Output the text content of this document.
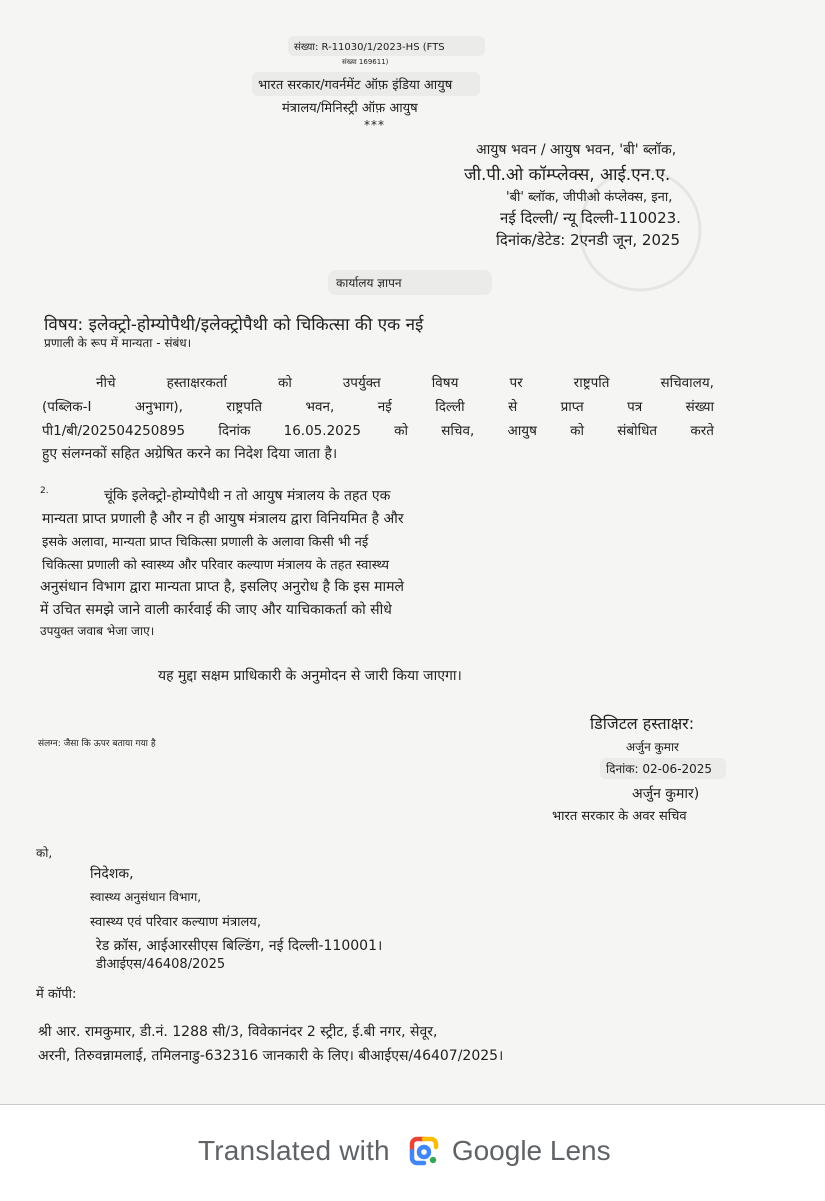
संख्या: R-11030/1/2023-HS (FTS
संख्या 169611)
भारत सरकार/गवर्नमेंट ऑफ़ इंडिया आयुष
मंत्रालय/मिनिस्ट्री ऑफ़ आयुष
***
आयुष भवन / आयुष भवन, 'बी' ब्लॉक,
जी.पी.ओ कॉम्प्लेक्स, आई.एन.ए.
'बी' ब्लॉक, जीपीओ कंप्लेक्स, इना,
नई दिल्ली/ न्यू दिल्ली-110023.
दिनांक/डेटेड: 2एनडी जून, 2025
कार्यालय ज्ञापन
विषय: इलेक्ट्रो-होम्योपैथी/इलेक्ट्रोपैथी को चिकित्सा की एक नई
प्रणाली के रूप में मान्यता - संबंध।
नीचे	हस्ताक्षरकर्ता	को	उपर्युक्त	विषय	पर	राष्ट्रपति	सचिवालय,
(पब्लिक-I	अनुभाग),	राष्ट्रपति	भवन,	नई	दिल्ली	से	प्राप्त	पत्र	संख्या
पी1/बी/202504250895 दिनांक 16.05.2025 को सचिव, आयुष को संबोधित करते
हुए संलग्नकों सहित अग्रेषित करने का निदेश दिया जाता है।
2.	चूंकि इलेक्ट्रो-होम्योपैथी न तो आयुष मंत्रालय के तहत एक
मान्यता प्राप्त प्रणाली है और न ही आयुष मंत्रालय द्वारा विनियमित है और
इसके अलावा, मान्यता प्राप्त चिकित्सा प्रणाली के अलावा किसी भी नई
चिकित्सा प्रणाली को स्वास्थ्य और परिवार कल्याण मंत्रालय के तहत स्वास्थ्य
अनुसंधान विभाग द्वारा मान्यता प्राप्त है, इसलिए अनुरोध है कि इस मामले
में उचित समझे जाने वाली कार्रवाई की जाए और याचिकाकर्ता को सीधे
उपयुक्त जवाब भेजा जाए।
यह मुद्दा सक्षम प्राधिकारी के अनुमोदन से जारी किया जाएगा।
डिजिटल हस्ताक्षर:
संलग्न: जैसा कि ऊपर बताया गया है	अर्जुन कुमार
दिनांक: 02-06-2025
अर्जुन कुमार)
भारत सरकार के अवर सचिव
को,
निदेशक,
स्वास्थ्य अनुसंधान विभाग,
स्वास्थ्य एवं परिवार कल्याण मंत्रालय,
रेड क्रॉस, आईआरसीएस बिल्डिंग, नई दिल्ली-110001।
डीआईएस/46408/2025
में कॉपी:
श्री आर. रामकुमार, डी.नं. 1288 सी/3, विवेकानंदर 2 स्ट्रीट, ई.बी नगर, सेवूर,
अरनी, तिरुवन्नामलाई, तमिलनाडु-632316 जानकारी के लिए। बीआईएस/46407/2025।
Translated with Google Lens
